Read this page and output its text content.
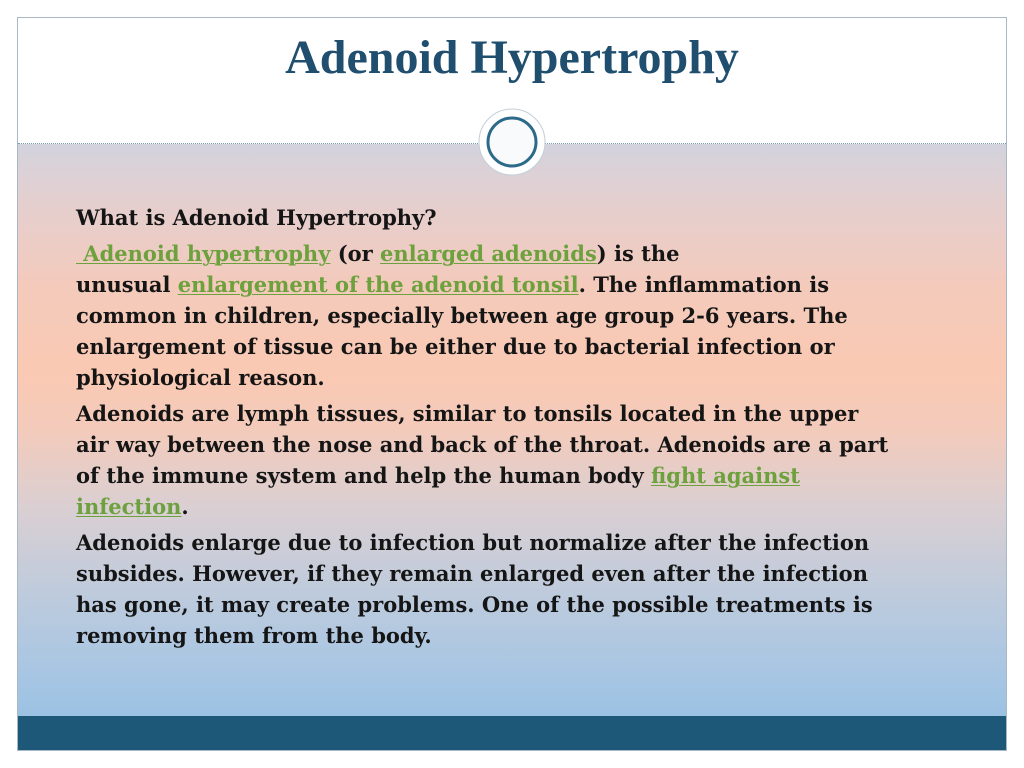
Adenoid Hypertrophy
What is Adenoid Hypertrophy?
Adenoid hypertrophy (or enlarged adenoids) is the
unusual enlargement of the adenoid tonsil. The inflammation is
common in children, especially between age group 2-6 years. The
enlargement of tissue can be either due to bacterial infection or
physiological reason.
Adenoids are lymph tissues, similar to tonsils located in the upper
air way between the nose and back of the throat. Adenoids are a part
of the immune system and help the human body fight against
infection.
Adenoids enlarge due to infection but normalize after the infection
subsides. However, if they remain enlarged even after the infection
has gone, it may create problems. One of the possible treatments is
removing them from the body.
